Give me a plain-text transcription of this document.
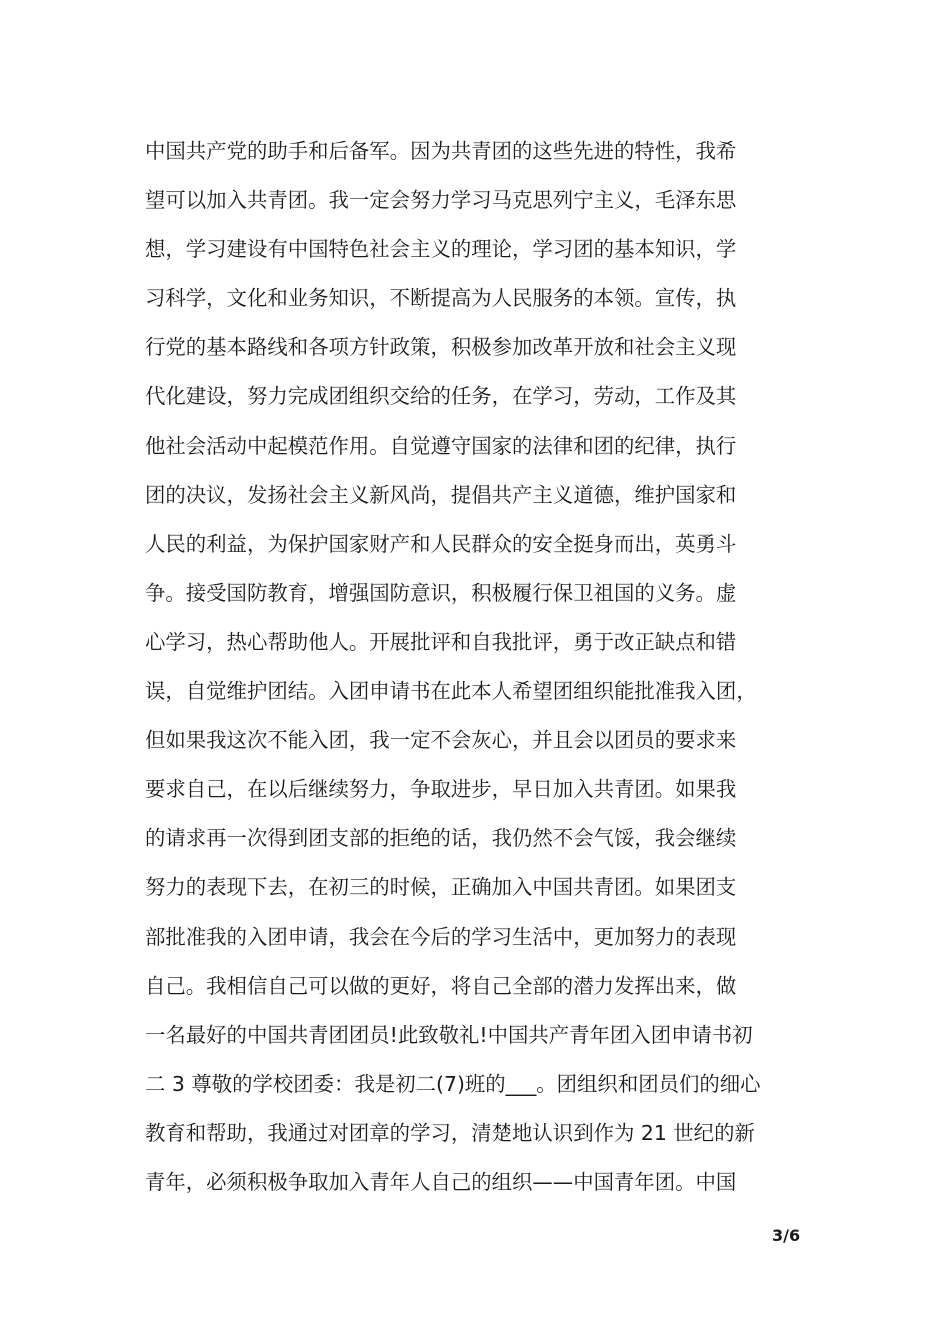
中国共产党的助手和后备军。因为共青团的这些先进的特性，我希
望可以加入共青团。我一定会努力学习马克思列宁主义，毛泽东思
想，学习建设有中国特色社会主义的理论，学习团的基本知识，学
习科学，文化和业务知识，不断提高为人民服务的本领。宣传，执
行党的基本路线和各项方针政策，积极参加改革开放和社会主义现
代化建设，努力完成团组织交给的任务，在学习，劳动，工作及其
他社会活动中起模范作用。自觉遵守国家的法律和团的纪律，执行
团的决议，发扬社会主义新风尚，提倡共产主义道德，维护国家和
人民的利益，为保护国家财产和人民群众的安全挺身而出，英勇斗
争。接受国防教育，增强国防意识，积极履行保卫祖国的义务。虚
心学习，热心帮助他人。开展批评和自我批评，勇于改正缺点和错
误，自觉维护团结。入团申请书在此本人希望团组织能批准我入团，
但如果我这次不能入团，我一定不会灰心，并且会以团员的要求来
要求自己，在以后继续努力，争取进步，早日加入共青团。如果我
的请求再一次得到团支部的拒绝的话，我仍然不会气馁，我会继续
努力的表现下去，在初三的时候，正确加入中国共青团。如果团支
部批准我的入团申请，我会在今后的学习生活中，更加努力的表现
自己。我相信自己可以做的更好，将自己全部的潜力发挥出来，做
一名最好的中国共青团团员!此致敬礼!中国共产青年团入团申请书初
二 3 尊敬的学校团委：我是初二(7)班的___。团组织和团员们的细心
教育和帮助，我通过对团章的学习，清楚地认识到作为 21 世纪的新
青年，必须积极争取加入青年人自己的组织——中国青年团。中国
3/6
